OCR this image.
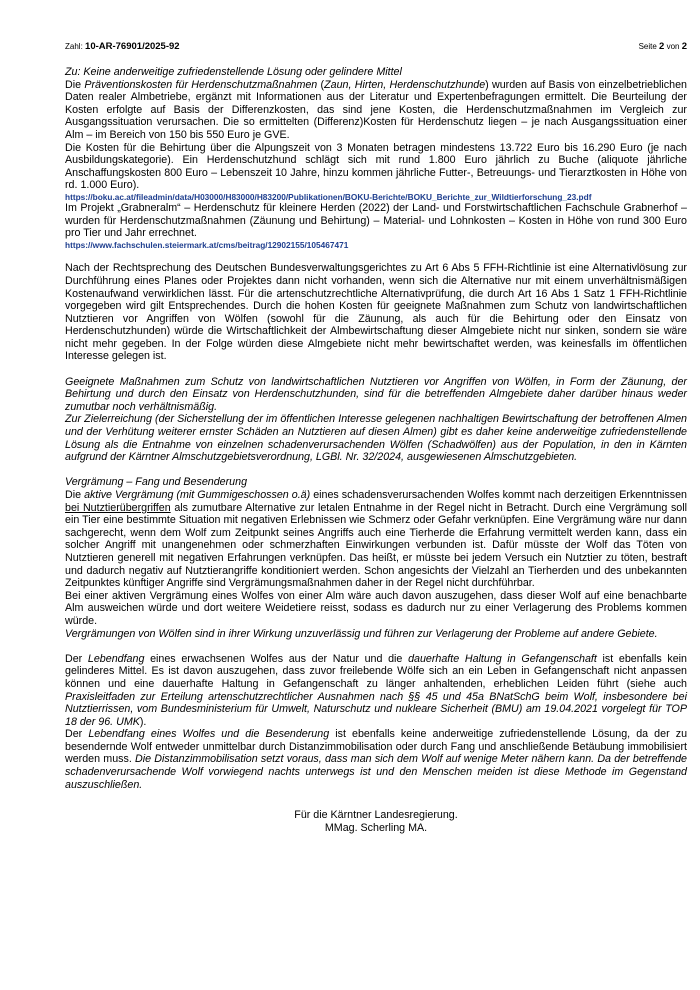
Zahl: 10-AR-76901/2025-92	Seite 2 von 2

Zu: Keine anderweitige zufriedenstellende Lösung oder gelindere Mittel

Die Präventionskosten für Herdenschutzmaßnahmen (Zaun, Hirten, Herdenschutzhunde) wurden auf Basis von einzelbetrieblichen Daten realer Almbetriebe, ergänzt mit Informationen aus der Literatur und Expertenbefragungen ermittelt. Die Beurteilung der Kosten erfolgte auf Basis der Differenzkosten, das sind jene Kosten, die Herdenschutzmaßnahmen im Vergleich zur Ausgangssituation verursachen. Die so ermittelten (Differenz)Kosten für Herdenschutz liegen – je nach Ausgangssituation einer Alm – im Bereich von 150 bis 550 Euro je GVE.

Die Kosten für die Behirtung über die Alpungszeit von 3 Monaten betragen mindestens 13.722 Euro bis 16.290 Euro (je nach Ausbildungskategorie). Ein Herdenschutzhund schlägt sich mit rund 1.800 Euro jährlich zu Buche (aliquote jährliche Anschaffungskosten 800 Euro – Lebenszeit 10 Jahre, hinzu kommen jährliche Futter-, Betreuungs- und Tierarztkosten in Höhe von rd. 1.000 Euro).

https://boku.ac.at/fileadmin/data/H03000/H83000/H83200/Publikationen/BOKU-Berichte/BOKU_Berichte_zur_Wildtierforschung_23.pdf

Im Projekt „Grabneralm“ – Herdenschutz für kleinere Herden (2022) der Land- und Forstwirtschaftlichen Fachschule Grabnerhof – wurden für Herdenschutzmaßnahmen (Zäunung und Behirtung) – Material- und Lohnkosten – Kosten in Höhe von rund 300 Euro pro Tier und Jahr errechnet.

https://www.fachschulen.steiermark.at/cms/beitrag/12902155/105467471

Nach der Rechtsprechung des Deutschen Bundesverwaltungsgerichtes zu Art 6 Abs 5 FFH-Richtlinie ist eine Alternativlösung zur Durchführung eines Planes oder Projektes dann nicht vorhanden, wenn sich die Alternative nur mit einem unverhältnismäßigen Kostenaufwand verwirklichen lässt. Für die artenschutzrechtliche Alternativprüfung, die durch Art 16 Abs 1 Satz 1 FFH-Richtlinie vorgegeben wird gilt Entsprechendes. Durch die hohen Kosten für geeignete Maßnahmen zum Schutz von landwirtschaftlichen Nutztieren vor Angriffen von Wölfen (sowohl für die Zäunung, als auch für die Behirtung oder den Einsatz von Herdenschutzhunden) würde die Wirtschaftlichkeit der Almbewirtschaftung dieser Almgebiete nicht nur sinken, sondern sie wäre nicht mehr gegeben. In der Folge würden diese Almgebiete nicht mehr bewirtschaftet werden, was keinesfalls im öffentlichen Interesse gelegen ist.

Geeignete Maßnahmen zum Schutz von landwirtschaftlichen Nutztieren vor Angriffen von Wölfen, in Form der Zäunung, der Behirtung und durch den Einsatz von Herdenschutzhunden, sind für die betreffenden Almgebiete daher darüber hinaus weder zumutbar noch verhältnismäßig.

Zur Zielerreichung (der Sicherstellung der im öffentlichen Interesse gelegenen nachhaltigen Bewirtschaftung der betroffenen Almen und der Verhütung weiterer ernster Schäden an Nutztieren auf diesen Almen) gibt es daher keine anderweitige zufriedenstellende Lösung als die Entnahme von einzelnen schadenverursachenden Wölfen (Schadwölfen) aus der Population, in den in Kärnten aufgrund der Kärntner Almschutzgebietsverordnung, LGBl. Nr. 32/2024, ausgewiesenen Almschutzgebieten.

Vergrämung – Fang und Besenderung

Die aktive Vergrämung (mit Gummigeschossen o.ä) eines schadensverursachenden Wolfes kommt nach derzeitigen Erkenntnissen bei Nutztierübergriffen als zumutbare Alternative zur letalen Entnahme in der Regel nicht in Betracht. Durch eine Vergrämung soll ein Tier eine bestimmte Situation mit negativen Erlebnissen wie Schmerz oder Gefahr verknüpfen. Eine Vergrämung wäre nur dann sachgerecht, wenn dem Wolf zum Zeitpunkt seines Angriffs auch eine Tierherde die Erfahrung vermittelt werden kann, dass ein solcher Angriff mit unangenehmen oder schmerzhaften Einwirkungen verbunden ist. Dafür müsste der Wolf das Töten von Nutztieren generell mit negativen Erfahrungen verknüpfen. Das heißt, er müsste bei jedem Versuch ein Nutztier zu töten, bestraft und dadurch negativ auf Nutztierangriffe konditioniert werden. Schon angesichts der Vielzahl an Tierherden und des unbekannten Zeitpunktes künftiger Angriffe sind Vergrämungsmaßnahmen daher in der Regel nicht durchführbar.

Bei einer aktiven Vergrämung eines Wolfes von einer Alm wäre auch davon auszugehen, dass dieser Wolf auf eine benachbarte Alm ausweichen würde und dort weitere Weidetiere reisst, sodass es dadurch nur zu einer Verlagerung des Problems kommen würde.

Vergrämungen von Wölfen sind in ihrer Wirkung unzuverlässig und führen zur Verlagerung der Probleme auf andere Gebiete.

Der Lebendfang eines erwachsenen Wolfes aus der Natur und die dauerhafte Haltung in Gefangenschaft ist ebenfalls kein gelinderes Mittel. Es ist davon auszugehen, dass zuvor freilebende Wölfe sich an ein Leben in Gefangenschaft nicht anpassen können und eine dauerhafte Haltung in Gefangenschaft zu länger anhaltenden, erheblichen Leiden führt (siehe auch Praxisleitfaden zur Erteilung artenschutzrechtlicher Ausnahmen nach §§ 45 und 45a BNatSchG beim Wolf, insbesondere bei Nutztierrissen, vom Bundesministerium für Umwelt, Naturschutz und nukleare Sicherheit (BMU) am 19.04.2021 vorgelegt für TOP 18 der 96. UMK).

Der Lebendfang eines Wolfes und die Besenderung ist ebenfalls keine anderweitige zufriedenstellende Lösung, da der zu besendernde Wolf entweder unmittelbar durch Distanzimmobilisation oder durch Fang und anschließende Betäubung immobilisiert werden muss. Die Distanzimmobilisation setzt voraus, dass man sich dem Wolf auf wenige Meter nähern kann. Da der betreffende schadenverursachende Wolf vorwiegend nachts unterwegs ist und den Menschen meiden ist diese Methode im Gegenstand auszuschließen.

Für die Kärntner Landesregierung.
MMag. Scherling MA.
